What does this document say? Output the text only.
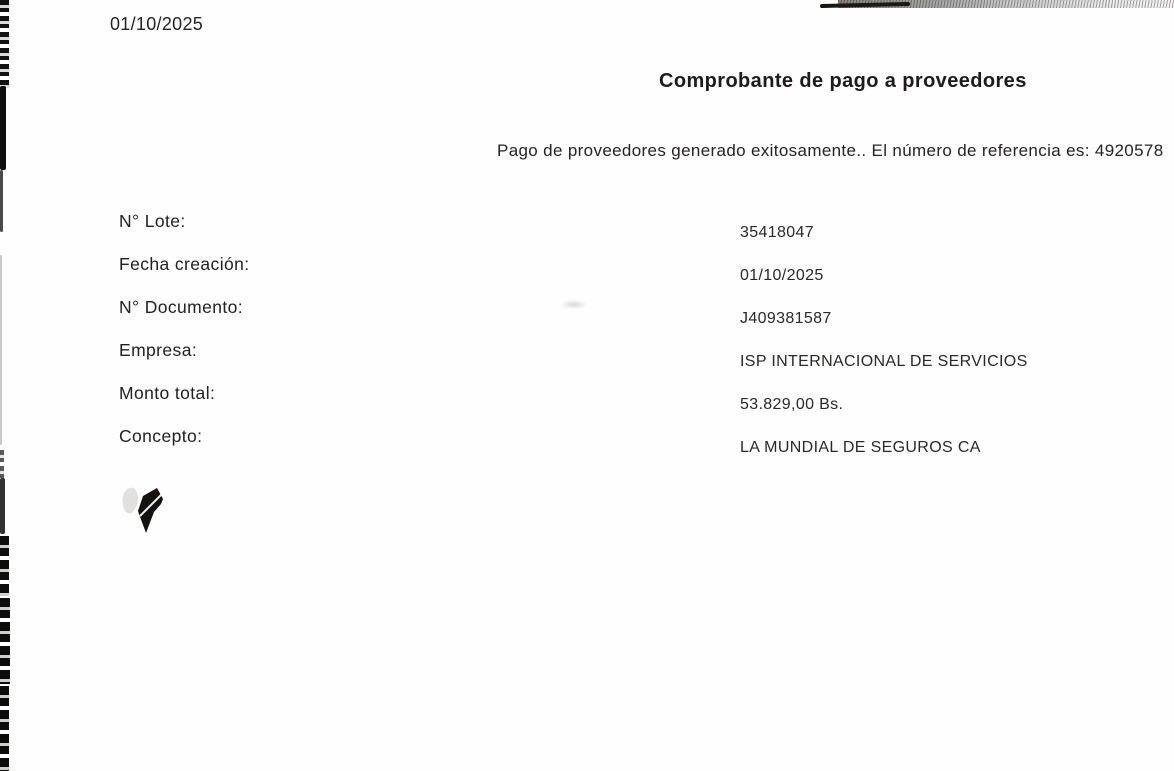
01/10/2025
Comprobante de pago a proveedores
Pago de proveedores generado exitosamente.. El número de referencia es: 4920578
N° Lote:
35418047
Fecha creación:
01/10/2025
N° Documento:
J409381587
Empresa:
ISP INTERNACIONAL DE SERVICIOS
Monto total:
53.829,00 Bs.
Concepto:
LA MUNDIAL DE SEGUROS CA
